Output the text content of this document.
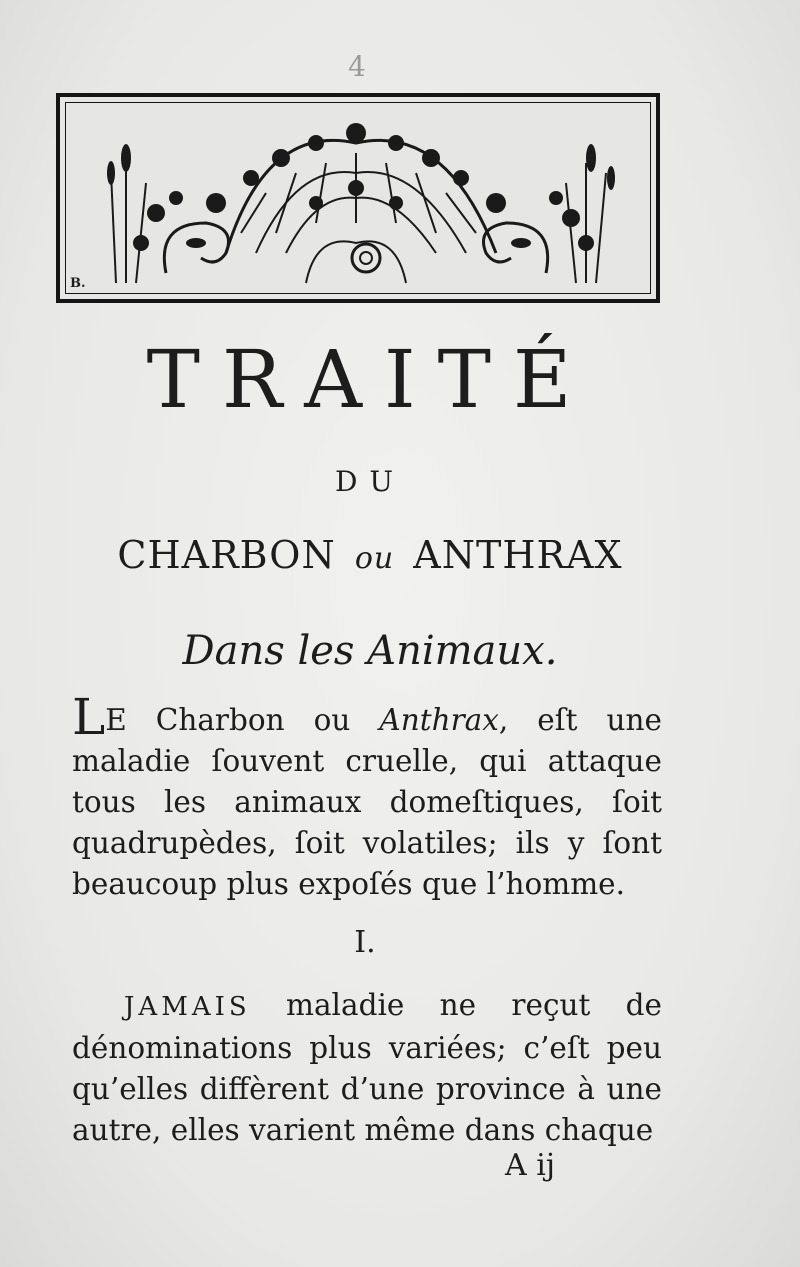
4
B.
TRAITÉ
DU
CHARBON ou ANTHRAX
Dans les Animaux.
LE Charbon ou Anthrax, eſt une maladie ſouvent cruelle, qui attaque tous les animaux domeſtiques, ſoit quadrupèdes, ſoit volatiles; ils y ſont beaucoup plus expoſés que l’homme.
I.
JAMAIS maladie ne reçut de dénominations plus variées; c’eſt peu qu’elles diffèrent d’une province à une autre, elles varient même dans chaque
A ij
